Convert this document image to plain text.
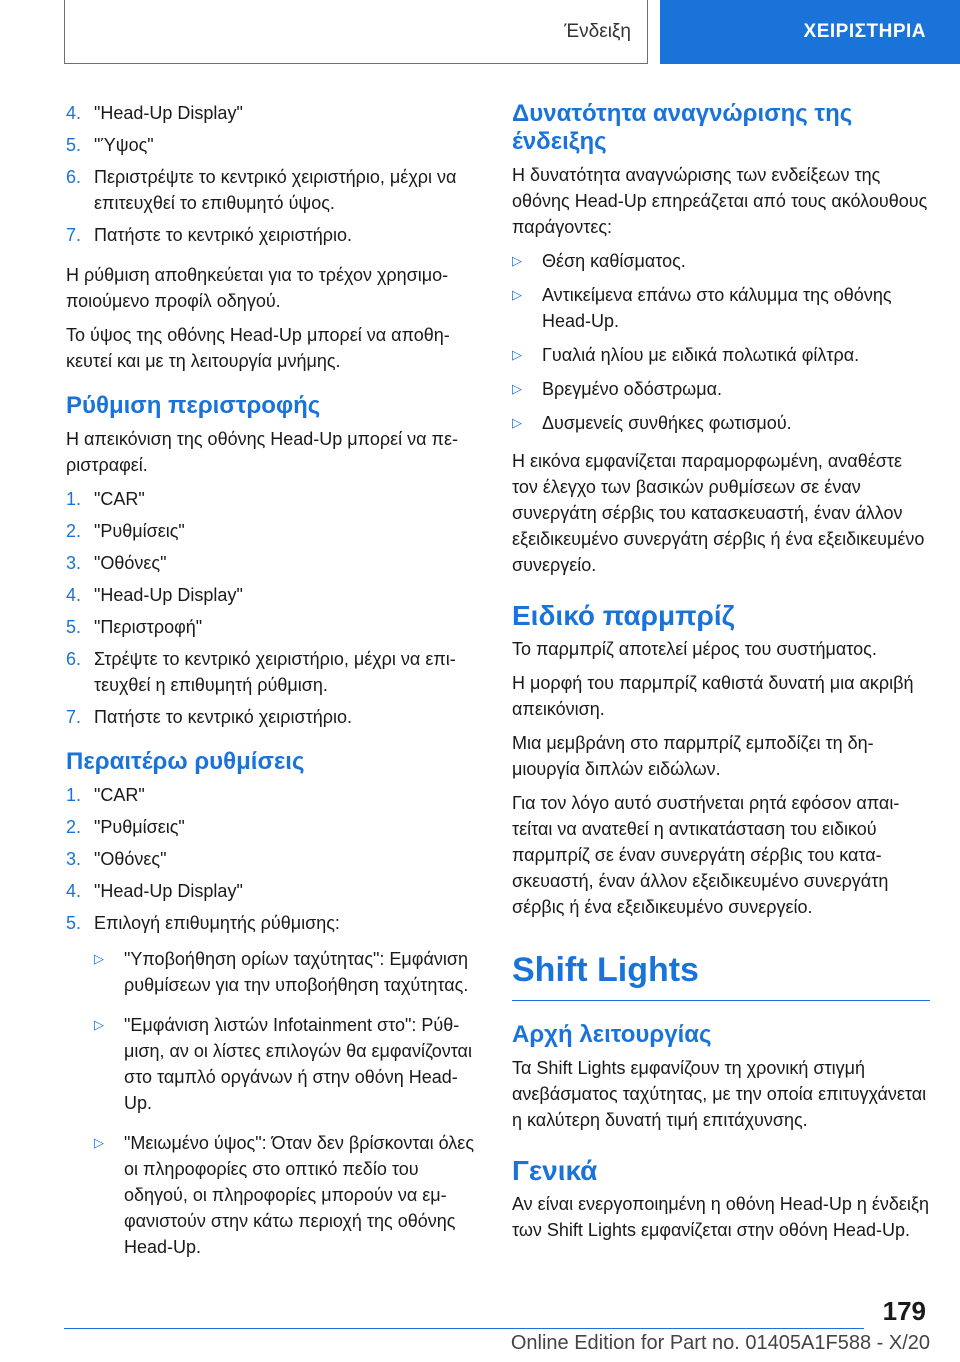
Ένδειξη	ΧΕΙΡΙΣΤΗΡΙΑ
4. "Head-Up Display"
5. "Ύψος"
6. Περιστρέψτε το κεντρικό χειριστήριο, μέχρι να επιτευχθεί το επιθυμητό ύψος.
7. Πατήστε το κεντρικό χειριστήριο.

Η ρύθμιση αποθηκεύεται για το τρέχον χρησιμοποιούμενο προφίλ οδηγού.

Το ύψος της οθόνης Head-Up μπορεί να αποθηκευτεί και με τη λειτουργία μνήμης.

Ρύθμιση περιστροφής

Η απεικόνιση της οθόνης Head-Up μπορεί να περιστραφεί.

1. "CAR"
2. "Ρυθμίσεις"
3. "Οθόνες"
4. "Head-Up Display"
5. "Περιστροφή"
6. Στρέψτε το κεντρικό χειριστήριο, μέχρι να επιτευχθεί η επιθυμητή ρύθμιση.
7. Πατήστε το κεντρικό χειριστήριο.
Περαιτέρω ρυθμίσεις
1. "CAR"
2. "Ρυθμίσεις"
3. "Οθόνες"
4. "Head-Up Display"
5. Επιλογή επιθυμητής ρύθμισης:
▷	"Υποβοήθηση ορίων ταχύτητας": Εμφάνιση ρυθμίσεων για την υποβοήθηση ταχύτητας.
▷	"Εμφάνιση λιστών Infotainment στο": Ρύθμιση, αν οι λίστες επιλογών θα εμφανίζονται στο ταμπλό οργάνων ή στην οθόνη Head-Up.
▷	"Μειωμένο ύψος": Όταν δεν βρίσκονται όλες οι πληροφορίες στο οπτικό πεδίο του οδηγού, οι πληροφορίες μπορούν να εμφανιστούν στην κάτω περιοχή της οθόνης Head-Up.
Δυνατότητα αναγνώρισης της ένδειξης

Η δυνατότητα αναγνώρισης των ενδείξεων της οθόνης Head-Up επηρεάζεται από τους ακόλουθους παράγοντες:

▷	Θέση καθίσματος.
▷	Αντικείμενα επάνω στο κάλυμμα της οθόνης Head-Up.
▷	Γυαλιά ηλίου με ειδικά πολωτικά φίλτρα.
▷	Βρεγμένο οδόστρωμα.
▷	Δυσμενείς συνθήκες φωτισμού.

Η εικόνα εμφανίζεται παραμορφωμένη, αναθέστε τον έλεγχο των βασικών ρυθμίσεων σε έναν συνεργάτη σέρβις του κατασκευαστή, έναν άλλον εξειδικευμένο συνεργάτη σέρβις ή ένα εξειδικευμένο συνεργείο.

Ειδικό παρμπρίζ

Το παρμπρίζ αποτελεί μέρος του συστήματος.

Η μορφή του παρμπρίζ καθιστά δυνατή μια ακριβή απεικόνιση.

Μια μεμβράνη στο παρμπρίζ εμποδίζει τη δημιουργία διπλών ειδώλων.

Για τον λόγο αυτό συστήνεται ρητά εφόσον απαιτείται να ανατεθεί η αντικατάσταση του ειδικού παρμπρίζ σε έναν συνεργάτη σέρβις του κατασκευαστή, έναν άλλον εξειδικευμένο συνεργάτη σέρβις ή ένα εξειδικευμένο συνεργείο.

Shift Lights
Αρχή λειτουργίας

Τα Shift Lights εμφανίζουν τη χρονική στιγμή ανεβάσματος ταχύτητας, με την οποία επιτυγχάνεται η καλύτερη δυνατή τιμή επιτάχυνσης.

Γενικά

Αν είναι ενεργοποιημένη η οθόνη Head-Up η ένδειξη των Shift Lights εμφανίζεται στην οθόνη Head-Up.

179
Online Edition for Part no. 01405A1F588 - X/20
